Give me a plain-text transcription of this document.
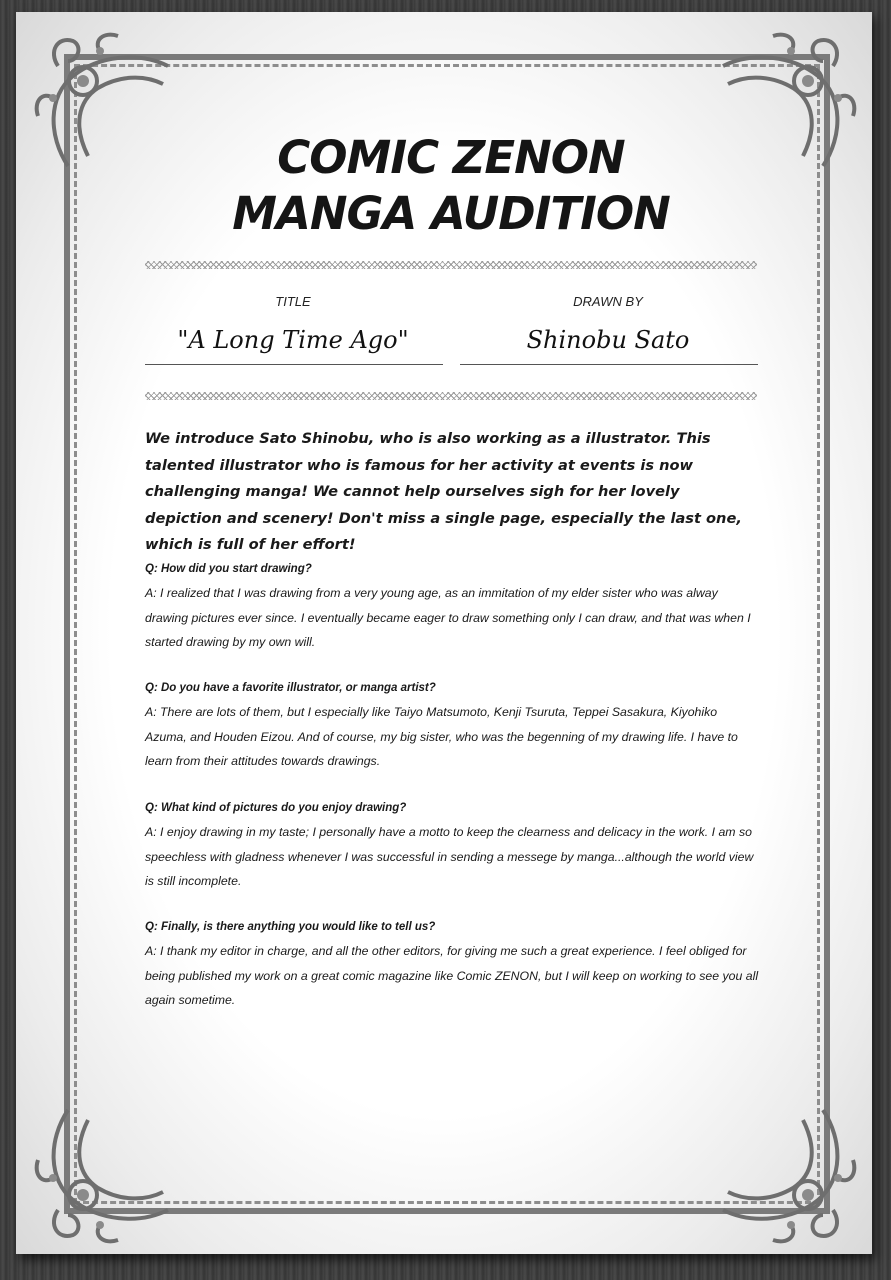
COMIC ZENON
MANGA AUDITION
TITLE	DRAWN BY
"A Long Time Ago"	Shinobu Sato
We introduce Sato Shinobu, who is also working as a illustrator. This talented illustrator who is famous for her activity at events is now challenging manga! We cannot help ourselves sigh for her lovely depiction and scenery! Don't miss a single page, especially the last one, which is full of her effort!

Q: How did you start drawing?

A: I realized that I was drawing from a very young age, as an immitation of my elder sister who was alway drawing pictures ever since. I eventually became eager to draw something only I can draw, and that was when I started drawing by my own will.

Q: Do you have a favorite illustrator, or manga artist?

A: There are lots of them, but I especially like Taiyo Matsumoto, Kenji Tsuruta, Teppei Sasakura, Kiyohiko Azuma, and Houden Eizou. And of course, my big sister, who was the begenning of my drawing life. I have to learn from their attitudes towards drawings.

Q: What kind of pictures do you enjoy drawing?

A: I enjoy drawing in my taste; I personally have a motto to keep the clearness and delicacy in the work. I am so speechless with gladness whenever I was successful in sending a messege by manga...although the world view is still incomplete.

Q: Finally, is there anything you would like to tell us?

A: I thank my editor in charge, and all the other editors, for giving me such a great experience. I feel obliged for being published my work on a great comic magazine like Comic ZENON, but I will keep on working to see you all again sometime.
